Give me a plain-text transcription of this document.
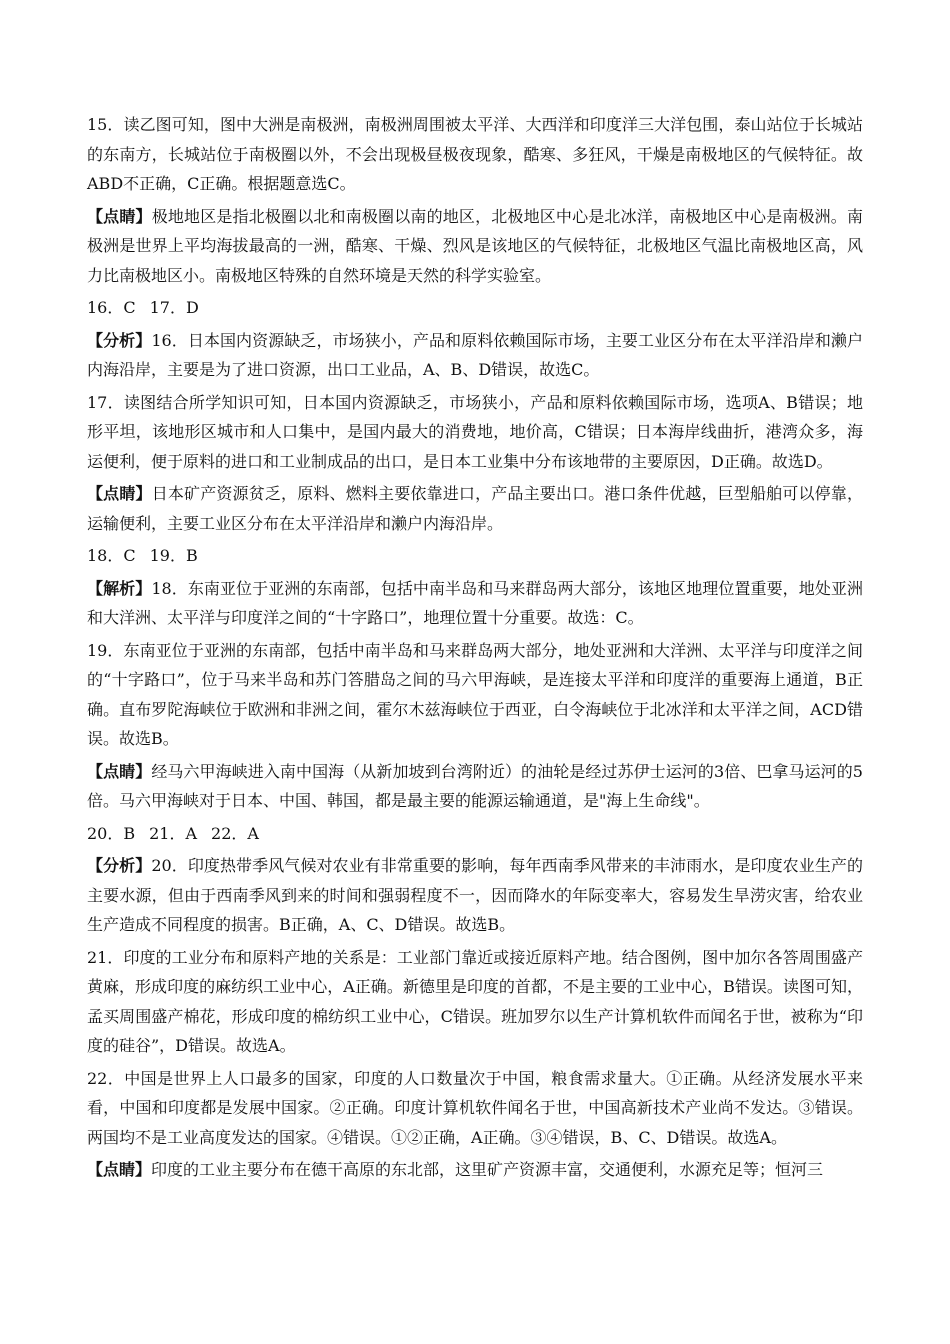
15．读乙图可知，图中大洲是南极洲，南极洲周围被太平洋、大西洋和印度洋三大洋包围，泰山站位于长城站的东南方，长城站位于南极圈以外，不会出现极昼极夜现象，酷寒、多狂风，干燥是南极地区的气候特征。故ABD不正确，C正确。根据题意选C。

【点睛】极地地区是指北极圈以北和南极圈以南的地区，北极地区中心是北冰洋，南极地区中心是南极洲。南极洲是世界上平均海拔最高的一洲，酷寒、干燥、烈风是该地区的气候特征，北极地区气温比南极地区高，风力比南极地区小。南极地区特殊的自然环境是天然的科学实验室。

16．C 17．D

【分析】16．日本国内资源缺乏，市场狭小，产品和原料依赖国际市场，主要工业区分布在太平洋沿岸和濑户内海沿岸，主要是为了进口资源，出口工业品，A、B、D错误，故选C。

17．读图结合所学知识可知，日本国内资源缺乏，市场狭小，产品和原料依赖国际市场，选项A、B错误；地形平坦，该地形区城市和人口集中，是国内最大的消费地，地价高，C错误；日本海岸线曲折，港湾众多，海运便利，便于原料的进口和工业制成品的出口，是日本工业集中分布该地带的主要原因，D正确。故选D。

【点睛】日本矿产资源贫乏，原料、燃料主要依靠进口，产品主要出口。港口条件优越，巨型船舶可以停靠，运输便利，主要工业区分布在太平洋沿岸和濑户内海沿岸。

18．C 19．B

【解析】18．东南亚位于亚洲的东南部，包括中南半岛和马来群岛两大部分，该地区地理位置重要，地处亚洲和大洋洲、太平洋与印度洋之间的“十字路口”，地理位置十分重要。故选：C。

19．东南亚位于亚洲的东南部，包括中南半岛和马来群岛两大部分，地处亚洲和大洋洲、太平洋与印度洋之间的“十字路口”，位于马来半岛和苏门答腊岛之间的马六甲海峡，是连接太平洋和印度洋的重要海上通道，B正确。直布罗陀海峡位于欧洲和非洲之间，霍尔木兹海峡位于西亚，白令海峡位于北冰洋和太平洋之间，ACD错误。故选B。

【点睛】经马六甲海峡进入南中国海（从新加坡到台湾附近）的油轮是经过苏伊士运河的3倍、巴拿马运河的5倍。马六甲海峡对于日本、中国、韩国，都是最主要的能源运输通道，是"海上生命线"。

20．B 21．A 22．A

【分析】20．印度热带季风气候对农业有非常重要的影响，每年西南季风带来的丰沛雨水，是印度农业生产的主要水源，但由于西南季风到来的时间和强弱程度不一，因而降水的年际变率大，容易发生旱涝灾害，给农业生产造成不同程度的损害。B正确，A、C、D错误。故选B。

21．印度的工业分布和原料产地的关系是：工业部门靠近或接近原料产地。结合图例，图中加尔各答周围盛产黄麻，形成印度的麻纺织工业中心，A正确。新德里是印度的首都，不是主要的工业中心，B错误。读图可知，孟买周围盛产棉花，形成印度的棉纺织工业中心，C错误。班加罗尔以生产计算机软件而闻名于世，被称为“印度的硅谷”，D错误。故选A。

22．中国是世界上人口最多的国家，印度的人口数量次于中国，粮食需求量大。①正确。从经济发展水平来看，中国和印度都是发展中国家。②正确。印度计算机软件闻名于世，中国高新技术产业尚不发达。③错误。两国均不是工业高度发达的国家。④错误。①②正确，A正确。③④错误，B、C、D错误。故选A。

【点睛】印度的工业主要分布在德干高原的东北部，这里矿产资源丰富，交通便利，水源充足等；恒河三
